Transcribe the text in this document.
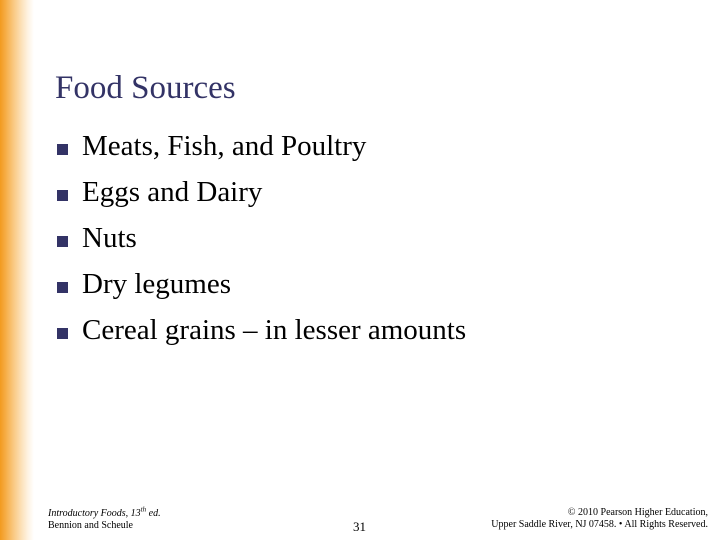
Food Sources
Meats, Fish, and Poultry
Eggs and Dairy
Nuts
Dry legumes
Cereal grains – in lesser amounts
Introductory Foods, 13th ed.
Bennion and Scheule	31
© 2010 Pearson Higher Education,
Upper Saddle River, NJ 07458. • All Rights Reserved.
